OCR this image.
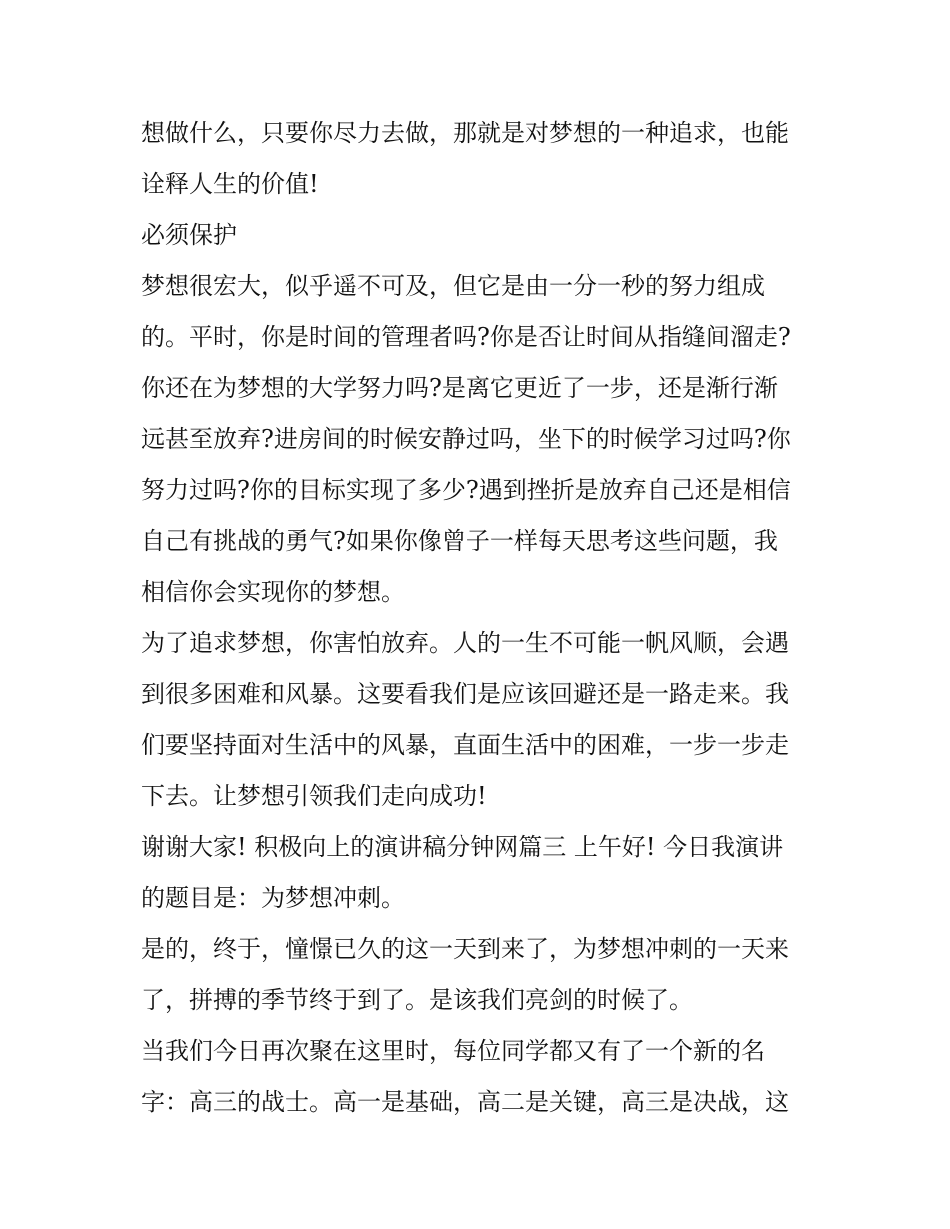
想做什么，只要你尽力去做，那就是对梦想的一种追求，也能
诠释人生的价值!
必须保护
梦想很宏大，似乎遥不可及，但它是由一分一秒的努力组成
的。平时，你是时间的管理者吗?你是否让时间从指缝间溜走?
你还在为梦想的大学努力吗?是离它更近了一步，还是渐行渐
远甚至放弃?进房间的时候安静过吗，坐下的时候学习过吗?你
努力过吗?你的目标实现了多少?遇到挫折是放弃自己还是相信
自己有挑战的勇气?如果你像曾子一样每天思考这些问题，我
相信你会实现你的梦想。
为了追求梦想，你害怕放弃。人的一生不可能一帆风顺，会遇
到很多困难和风暴。这要看我们是应该回避还是一路走来。我
们要坚持面对生活中的风暴，直面生活中的困难，一步一步走
下去。让梦想引领我们走向成功!
谢谢大家! 积极向上的演讲稿分钟网篇三 上午好! 今日我演讲
的题目是：为梦想冲刺。
是的，终于，憧憬已久的这一天到来了，为梦想冲刺的一天来
了，拼搏的季节终于到了。是该我们亮剑的时候了。
当我们今日再次聚在这里时，每位同学都又有了一个新的名
字：高三的战士。高一是基础，高二是关键，高三是决战，这
